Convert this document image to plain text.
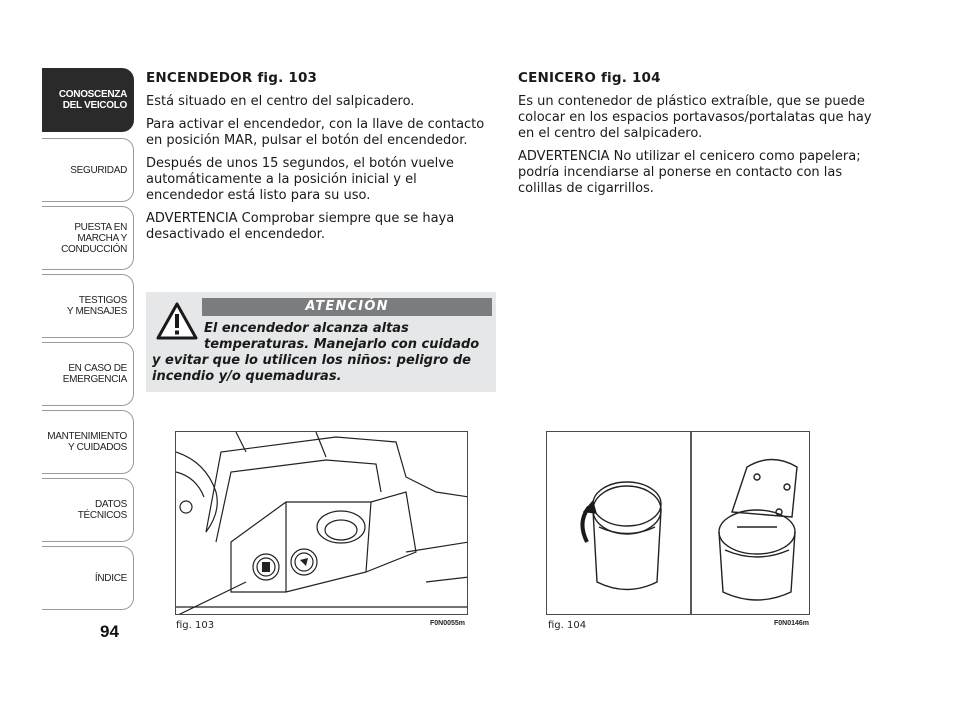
CONOSCENZA
DEL VEICOLO
SEGURIDAD
PUESTA EN
MARCHA Y
CONDUCCIÓN
TESTIGOS
Y MENSAJES
EN CASO DE
EMERGENCIA
MANTENIMIENTO
Y CUIDADOS
DATOS
TÉCNICOS
ÍNDICE
94
ENCENDEDOR fig. 103

Está situado en el centro del salpicadero.

Para activar el encendedor, con la llave de contacto en posición MAR, pulsar el botón del encendedor.

Después de unos 15 segundos, el botón vuelve automáticamente a la posición inicial y el encendedor está listo para su uso.

ADVERTENCIA Comprobar siempre que se haya desactivado el encendedor.

ATENCIÓN
El encendedor alcanza altas
temperaturas. Manejarlo con cuidado
y evitar que lo utilicen los niños: peligro de
incendio y/o quemaduras.
CENICERO fig. 104

Es un contenedor de plástico extraíble, que se puede colocar en los espacios portavasos/portalatas que hay en el centro del salpicadero.

ADVERTENCIA No utilizar el cenicero como papelera; podría incendiarse al ponerse en contacto con las colillas de cigarrillos.

fig. 103	F0N0055m	fig. 104	F0N0146m
